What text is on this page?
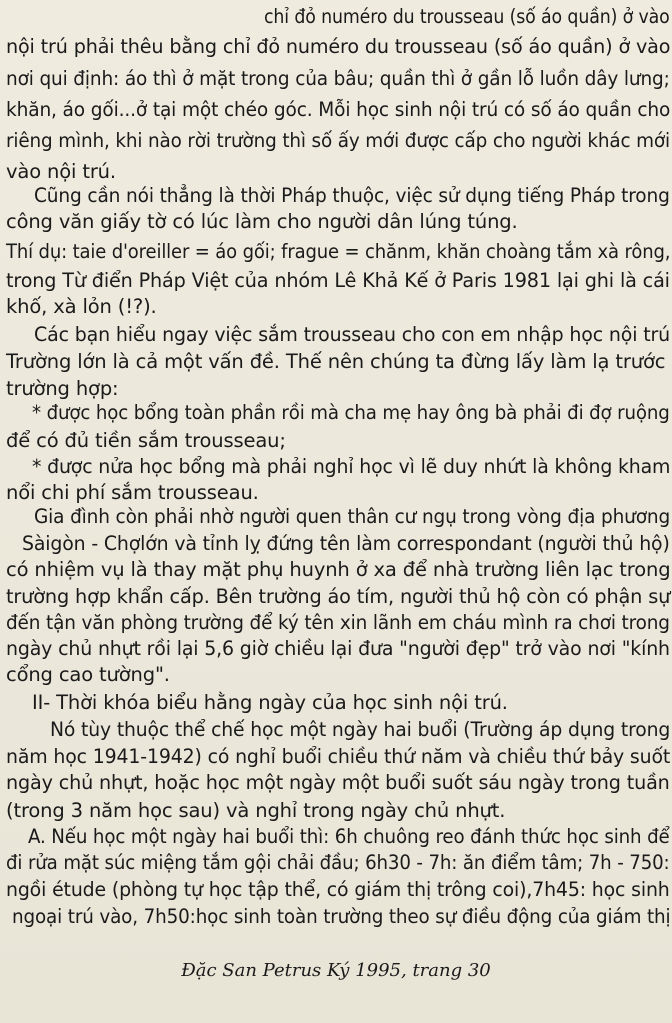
chỉ đỏ numéro du trousseau (số áo quần) ở vào
nội trú phải thêu bằng chỉ đỏ numéro du trousseau (số áo quần) ở vào
nơi qui định: áo thì ở mặt trong của bâu; quần thì ở gần lỗ luồn dây lưng;
khăn, áo gối...ở tại một chéo góc. Mỗi học sinh nội trú có số áo quần cho
riêng mình, khi nào rời trường thì số ấy mới được cấp cho người khác mới
vào nội trú.
Cũng cần nói thẳng là thời Pháp thuộc, việc sử dụng tiếng Pháp trong
công văn giấy tờ có lúc làm cho người dân lúng túng.
Thí dụ: taie d'oreiller = áo gối; frague = chănm, khăn choàng tắm xà rông,
trong Từ điển Pháp Việt của nhóm Lê Khả Kế ở Paris 1981 lại ghi là cái
khố, xà lỏn (!?).
Các bạn hiểu ngay việc sắm trousseau cho con em nhập học nội trú
Trường lớn là cả một vấn đề. Thế nên chúng ta đừng lấy làm lạ trước
trường hợp:
* được học bổng toàn phần rồi mà cha mẹ hay ông bà phải đi đợ ruộng
để có đủ tiền sắm trousseau;
* được nửa học bổng mà phải nghỉ học vì lẽ duy nhứt là không kham
nổi chi phí sắm trousseau.
Gia đình còn phải nhờ người quen thân cư ngụ trong vòng địa phương
Sàigòn - Chợlớn và tỉnh lỵ đứng tên làm correspondant (người thủ hộ)
có nhiệm vụ là thay mặt phụ huynh ở xa để nhà trường liên lạc trong
trường hợp khẩn cấp. Bên trường áo tím, người thủ hộ còn có phận sự
đến tận văn phòng trường để ký tên xin lãnh em cháu mình ra chơi trong
ngày chủ nhựt rồi lại 5,6 giờ chiều lại đưa "người đẹp" trở vào nơi "kính
cổng cao tường".
II- Thời khóa biểu hằng ngày của học sinh nội trú.
Nó tùy thuộc thể chế học một ngày hai buổi (Trường áp dụng trong
năm học 1941-1942) có nghỉ buổi chiều thứ năm và chiều thứ bảy suốt
ngày chủ nhựt, hoặc học một ngày một buổi suốt sáu ngày trong tuần
(trong 3 năm học sau) và nghỉ trong ngày chủ nhựt.
A. Nếu học một ngày hai buổi thì: 6h chuông reo đánh thức học sinh để
đi rửa mặt súc miệng tắm gội chải đầu; 6h30 - 7h: ăn điểm tâm; 7h - 750:
ngồi étude (phòng tự học tập thể, có giám thị trông coi),7h45: học sinh
ngoại trú vào, 7h50:học sinh toàn trường theo sự điều động của giám thị
Đặc San Petrus Ký 1995, trang 30
